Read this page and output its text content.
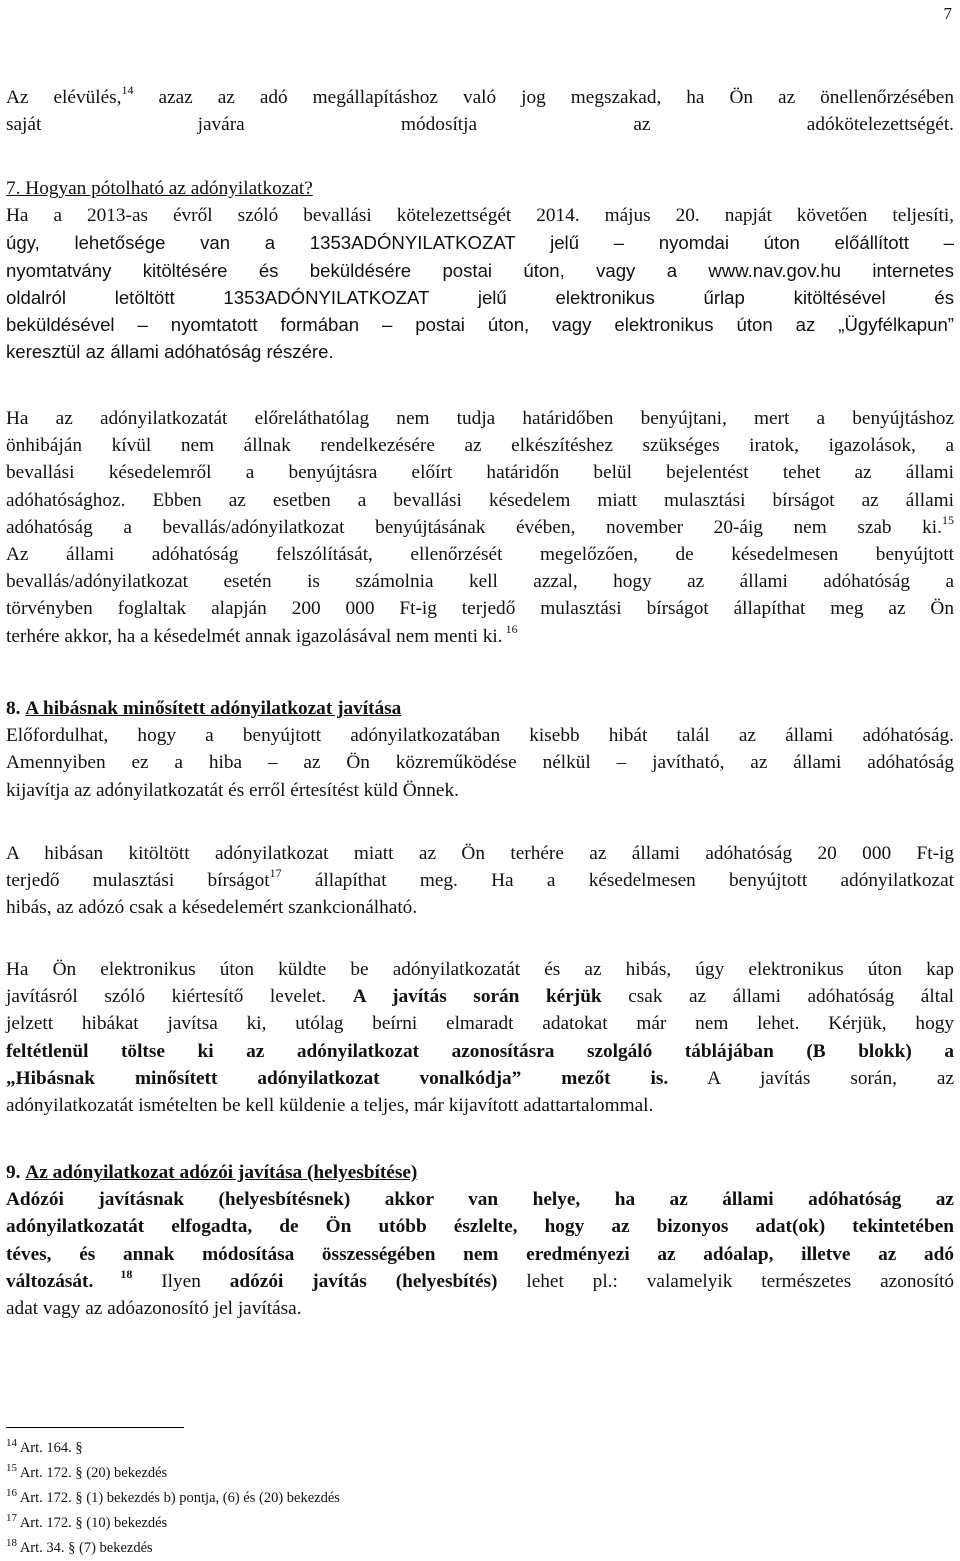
7
Az elévülés,$^{14}$ azaz az adó megállapításhoz való jog megszakad, ha Ön az önellenőrzésében
saját javára módosítja az adókötelezettségét.
7. Hogyan pótolható az adónyilatkozat?
Ha a 2013-as évről szóló bevallási kötelezettségét 2014. május 20. napját követően teljesíti,
úgy, lehetősége van a 1353ADÓNYILATKOZAT jelű – nyomdai úton előállított –
nyomtatvány kitöltésére és beküldésére postai úton, vagy a www.nav.gov.hu internetes
oldalról letöltött 1353ADÓNYILATKOZAT jelű elektronikus űrlap kitöltésével és
beküldésével – nyomtatott formában – postai úton, vagy elektronikus úton az „Ügyfélkapun”
keresztül az állami adóhatóság részére.
Ha az adónyilatkozatát előreláthatólag nem tudja határidőben benyújtani, mert a benyújtáshoz
önhibáján kívül nem állnak rendelkezésére az elkészítéshez szükséges iratok, igazolások, a
bevallási késedelemről a benyújtásra előírt határidőn belül bejelentést tehet az állami
adóhatósághoz. Ebben az esetben a bevallási késedelem miatt mulasztási bírságot az állami
adóhatóság a bevallás/adónyilatkozat benyújtásának évében, november 20-áig nem szab ki.$^{15}$
Az állami adóhatóság felszólítását, ellenőrzését megelőzően, de késedelmesen benyújtott
bevallás/adónyilatkozat esetén is számolnia kell azzal, hogy az állami adóhatóság a
törvényben foglaltak alapján 200 000 Ft-ig terjedő mulasztási bírságot állapíthat meg az Ön
terhére akkor, ha a késedelmét annak igazolásával nem menti ki. $^{16}$
8. A hibásnak minősített adónyilatkozat javítása
Előfordulhat, hogy a benyújtott adónyilatkozatában kisebb hibát talál az állami adóhatóság.
Amennyiben ez a hiba – az Ön közreműködése nélkül – javítható, az állami adóhatóság
kijavítja az adónyilatkozatát és erről értesítést küld Önnek.
A hibásan kitöltött adónyilatkozat miatt az Ön terhére az állami adóhatóság 20 000 Ft-ig
terjedő mulasztási bírságot$^{17}$ állapíthat meg. Ha a késedelmesen benyújtott adónyilatkozat
hibás, az adózó csak a késedelemért szankcionálható.
Ha Ön elektronikus úton küldte be adónyilatkozatát és az hibás, úgy elektronikus úton kap
javításról szóló kiértesítő levelet. A javítás során kérjük csak az állami adóhatóság által
jelzett hibákat javítsa ki, utólag beírni elmaradt adatokat már nem lehet. Kérjük, hogy
feltétlenül töltse ki az adónyilatkozat azonosításra szolgáló táblájában (B blokk) a
„Hibásnak minősített adónyilatkozat vonalkódja” mezőt is. A javítás során, az
adónyilatkozatát ismételten be kell küldenie a teljes, már kijavított adattartalommal.
9. Az adónyilatkozat adózói javítása (helyesbítése)
Adózói javításnak (helyesbítésnek) akkor van helye, ha az állami adóhatóság az
adónyilatkozatát elfogadta, de Ön utóbb észlelte, hogy az bizonyos adat(ok) tekintetében
téves, és annak módosítása összességében nem eredményezi az adóalap, illetve az adó
változását. $^{18}$ Ilyen adózói javítás (helyesbítés) lehet pl.: valamelyik természetes azonosító
adat vagy az adóazonosító jel javítása.
$^{14}$ Art. 164. §
$^{15}$ Art. 172. § (20) bekezdés
$^{16}$ Art. 172. § (1) bekezdés b) pontja, (6) és (20) bekezdés
$^{17}$ Art. 172. § (10) bekezdés
$^{18}$ Art. 34. § (7) bekezdés
